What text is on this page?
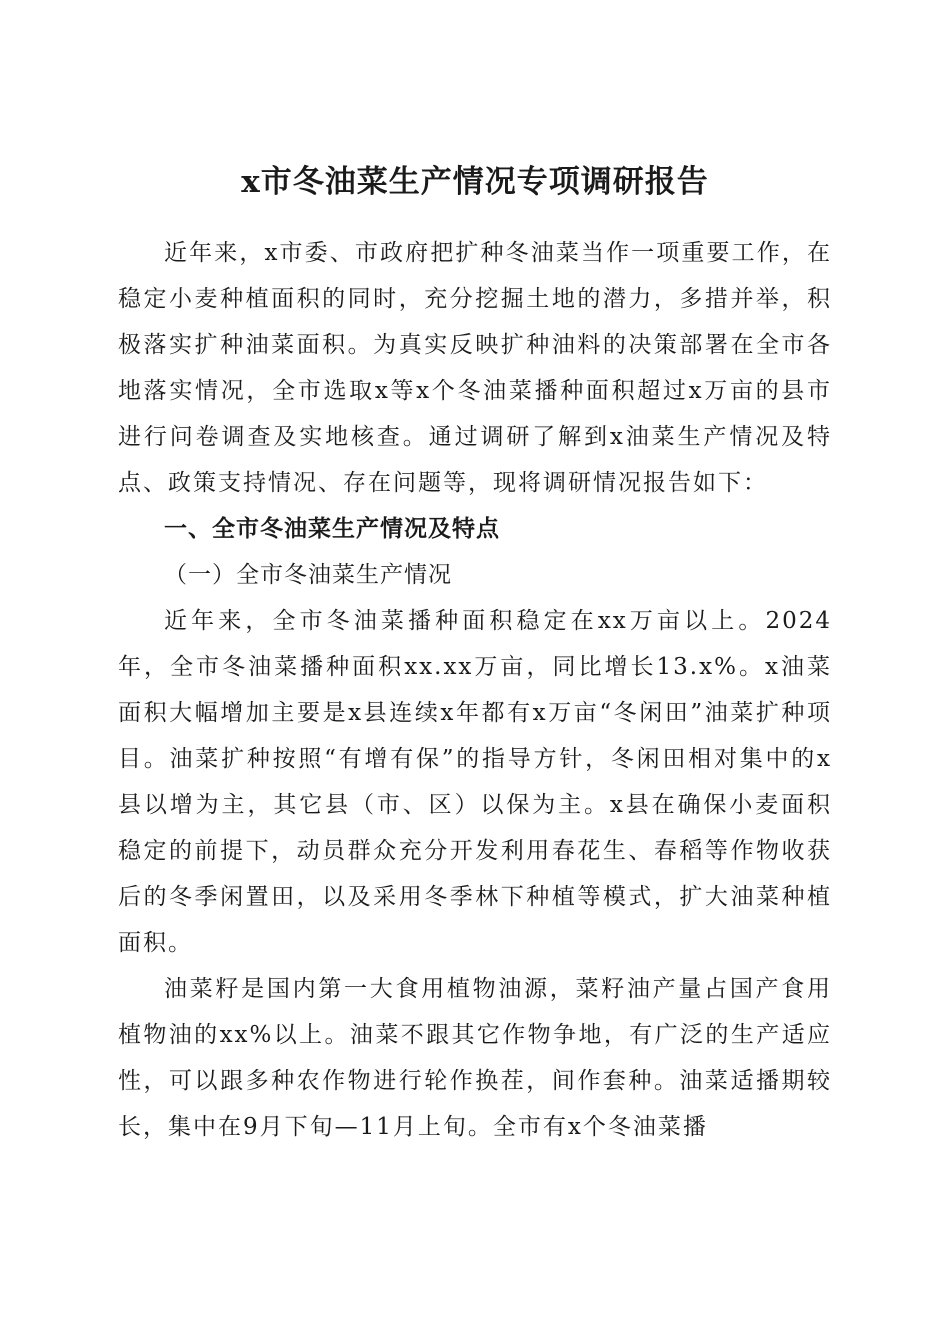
x市冬油菜生产情况专项调研报告

近年来，x市委、市政府把扩种冬油菜当作一项重要工作，在稳定小麦种植面积的同时，充分挖掘土地的潜力，多措并举，积极落实扩种油菜面积。为真实反映扩种油料的决策部署在全市各地落实情况，全市选取x等x个冬油菜播种面积超过x万亩的县市进行问卷调查及实地核查。通过调研了解到x油菜生产情况及特点、政策支持情况、存在问题等，现将调研情况报告如下：

一、全市冬油菜生产情况及特点

（一）全市冬油菜生产情况

近年来，全市冬油菜播种面积稳定在xx万亩以上。2024年，全市冬油菜播种面积xx.xx万亩，同比增长13.x%。x油菜面积大幅增加主要是x县连续x年都有x万亩“冬闲田”油菜扩种项目。油菜扩种按照“有增有保”的指导方针，冬闲田相对集中的x县以增为主，其它县（市、区）以保为主。x县在确保小麦面积稳定的前提下，动员群众充分开发利用春花生、春稻等作物收获后的冬季闲置田，以及采用冬季林下种植等模式，扩大油菜种植面积。

油菜籽是国内第一大食用植物油源，菜籽油产量占国产食用植物油的xx%以上。油菜不跟其它作物争地，有广泛的生产适应性，可以跟多种农作物进行轮作换茬，间作套种。油菜适播期较长，集中在9月下旬—11月上旬。全市有x个冬油菜播
